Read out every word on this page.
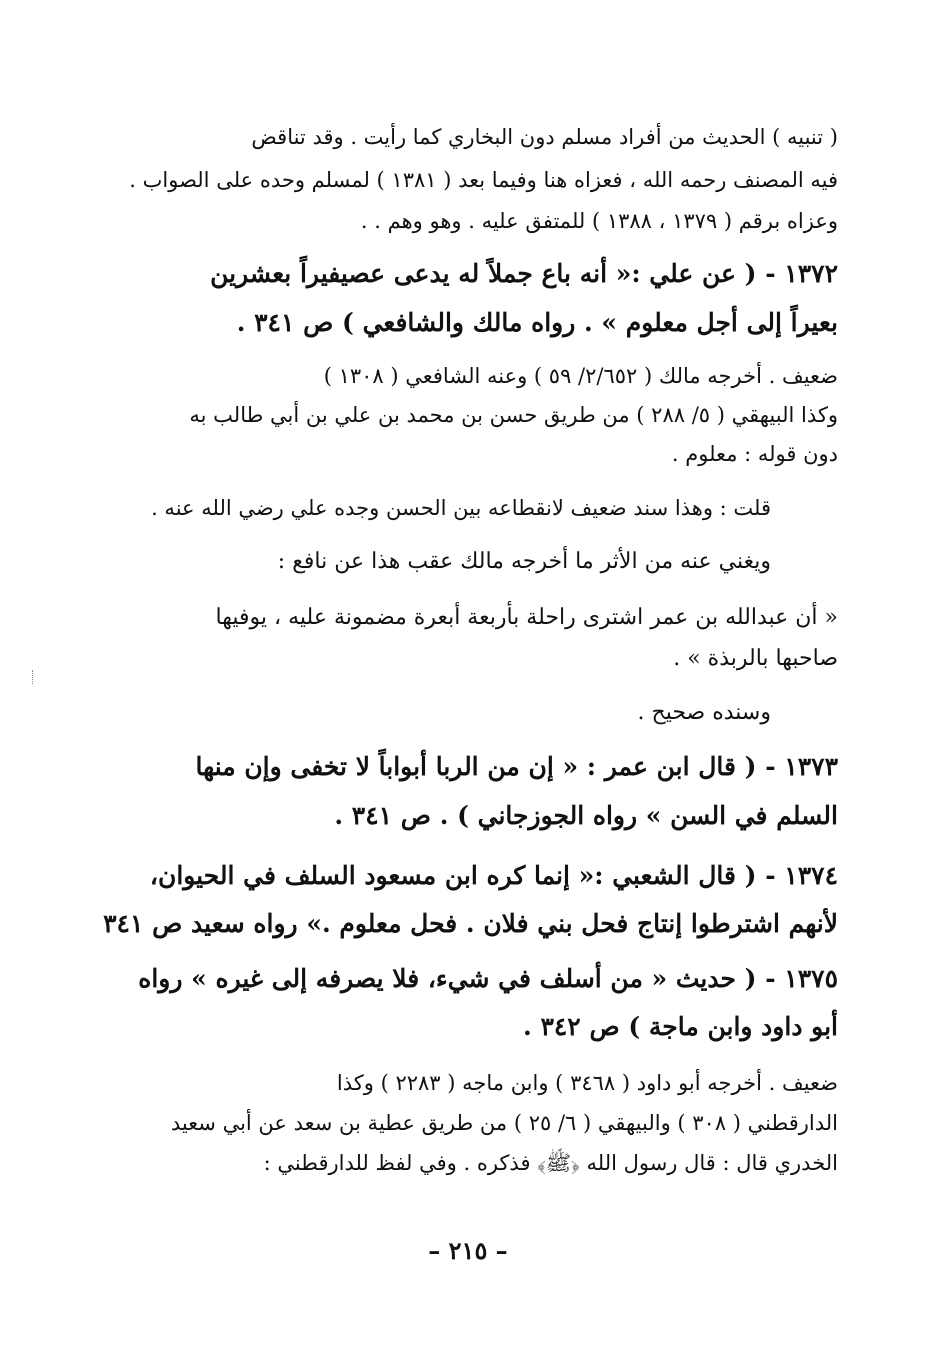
( تنبيه ) الحديث من أفراد مسلم دون البخاري كما رأيت . وقد تناقض
فيه المصنف رحمه الله ، فعزاه هنا وفيما بعد ( ١٣٨١ ) لمسلم وحده على الصواب .
وعزاه برقم ( ١٣٧٩ ، ١٣٨٨ ) للمتفق عليه . وهو وهم . .
١٣٧٢ - ( عن علي :« أنه باع جملاً له يدعى عصيفيراً بعشرين
بعيراً إلى أجل معلوم » . رواه مالك والشافعي ) ص ٣٤١ .
ضعيف . أخرجه مالك ( ٢/٦٥٢/ ٥٩ ) وعنه الشافعي ( ١٣٠٨ )
وكذا البيهقي ( ٥/ ٢٨٨ ) من طريق حسن بن محمد بن علي بن أبي طالب به
دون قوله : معلوم .
قلت : وهذا سند ضعيف لانقطاعه بين الحسن وجده علي رضي الله عنه .
ويغني عنه من الأثر ما أخرجه مالك عقب هذا عن نافع :
« أن عبدالله بن عمر اشترى راحلة بأربعة أبعرة مضمونة عليه ، يوفيها
صاحبها بالربذة » .
وسنده صحيح .
١٣٧٣ - ( قال ابن عمر : « إن من الربا أبواباً لا تخفى وإن منها
السلم في السن » رواه الجوزجاني ) . ص ٣٤١ .
١٣٧٤ - ( قال الشعبي :« إنما كره ابن مسعود السلف في الحيوان،
لأنهم اشترطوا إنتاج فحل بني فلان . فحل معلوم .» رواه سعيد ص ٣٤١
١٣٧٥ - ( حديث « من أسلف في شيء، فلا يصرفه إلى غيره » رواه
أبو داود وابن ماجة ) ص ٣٤٢ .
ضعيف . أخرجه أبو داود ( ٣٤٦٨ ) وابن ماجه ( ٢٢٨٣ ) وكذا
الدارقطني ( ٣٠٨ ) والبيهقي ( ٦/ ٢٥ ) من طريق عطية بن سعد عن أبي سعيد
الخدري قال : قال رسول الله ﴿ﷺ﴾ فذكره . وفي لفظ للدارقطني :
– ٢١٥ –
